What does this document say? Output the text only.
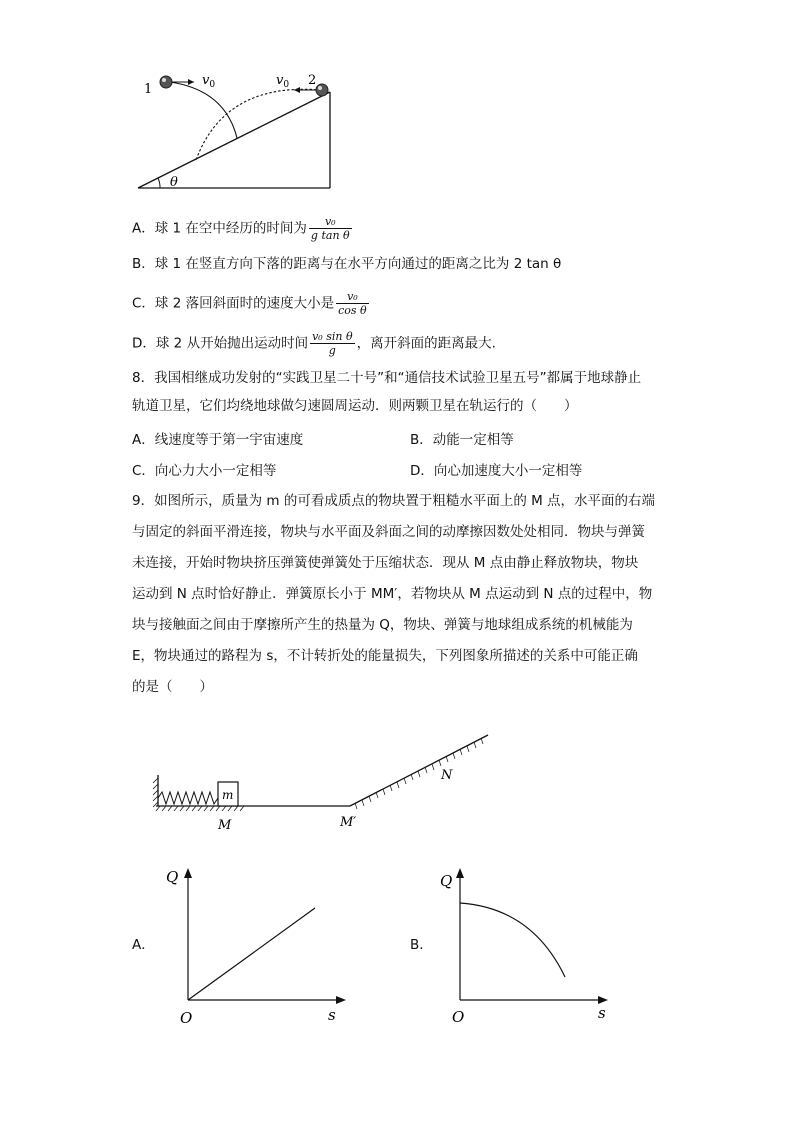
θ
1
$v_0$	2
$v_0$
A．球 1 在空中经历的时间为 $\frac{\text{v₀}}{\text{g tan θ}}$
B．球 1 在竖直方向下落的距离与在水平方向通过的距离之比为 2 tan θ
C．球 2 落回斜面时的速度大小是 $\frac{\text{v₀}}{\text{cos θ}}$
D．球 2 从开始抛出运动时间 $\frac{\text{v₀ sin θ}}{g}$ ，离开斜面的距离最大.
8．我国相继成功发射的“实践卫星二十号”和“通信技术试验卫星五号”都属于地球静止
轨道卫星，它们均绕地球做匀速圆周运动．则两颗卫星在轨运行的（　　）
A．线速度等于第一宇宙速度	B．动能一定相等
C．向心力大小一定相等	D．向心加速度大小一定相等
9．如图所示，质量为 m 的可看成质点的物块置于粗糙水平面上的 M 点，水平面的右端
与固定的斜面平滑连接，物块与水平面及斜面之间的动摩擦因数处处相同．物块与弹簧
未连接，开始时物块挤压弹簧使弹簧处于压缩状态．现从 M 点由静止释放物块，物块
运动到 N 点时恰好静止．弹簧原长小于 MM′，若物块从 M 点运动到 N 点的过程中，物
块与接触面之间由于摩擦所产生的热量为 Q，物块、弹簧与地球组成系统的机械能为
E，物块通过的路程为 s，不计转折处的能量损失，下列图象所描述的关系中可能正确
的是（　　）
m
M	M′
N
A．
Q
s
O
B．
Q
s
O
